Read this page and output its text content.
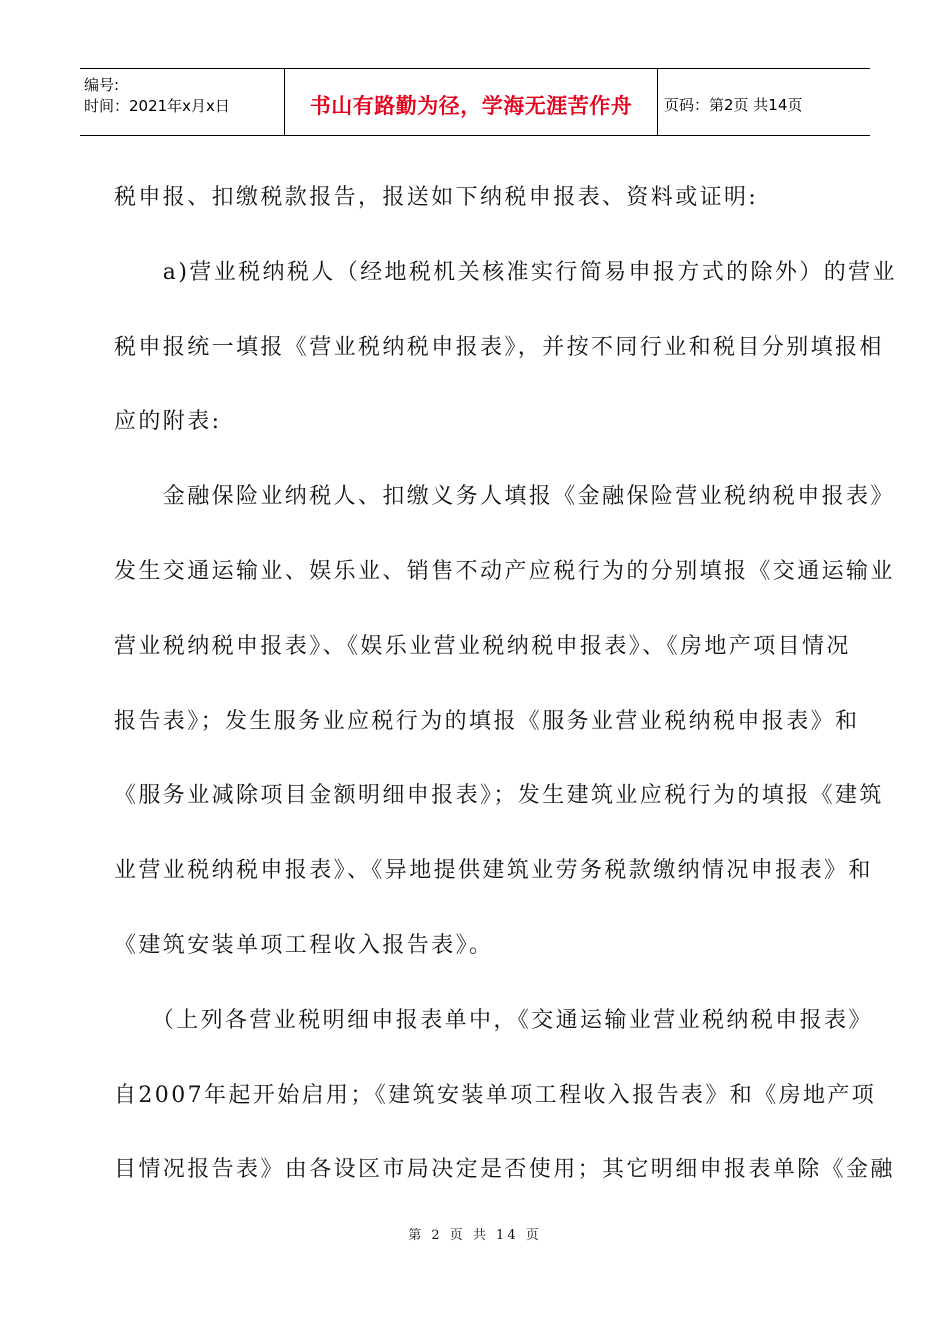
编号:
时间：2021年x月x日	书山有路勤为径，学海无涯苦作舟	页码：第2页 共14页
税申报、扣缴税款报告，报送如下纳税申报表、资料或证明:
　　a)营业税纳税人（经地税机关核准实行简易申报方式的除外）的营业
税申报统一填报《营业税纳税申报表》，并按不同行业和税目分别填报相
应的附表:
　　金融保险业纳税人、扣缴义务人填报《金融保险营业税纳税申报表》
发生交通运输业、娱乐业、销售不动产应税行为的分别填报《交通运输业
营业税纳税申报表》、《娱乐业营业税纳税申报表》、《房地产项目情况
报告表》；发生服务业应税行为的填报《服务业营业税纳税申报表》和
《服务业减除项目金额明细申报表》；发生建筑业应税行为的填报《建筑
业营业税纳税申报表》、《异地提供建筑业劳务税款缴纳情况申报表》和
《建筑安装单项工程收入报告表》。
　　（上列各营业税明细申报表单中，《交通运输业营业税纳税申报表》
自2007年起开始启用；《建筑安装单项工程收入报告表》和《房地产项
目情况报告表》由各设区市局决定是否使用；其它明细申报表单除《金融
第 2 页 共 14 页
